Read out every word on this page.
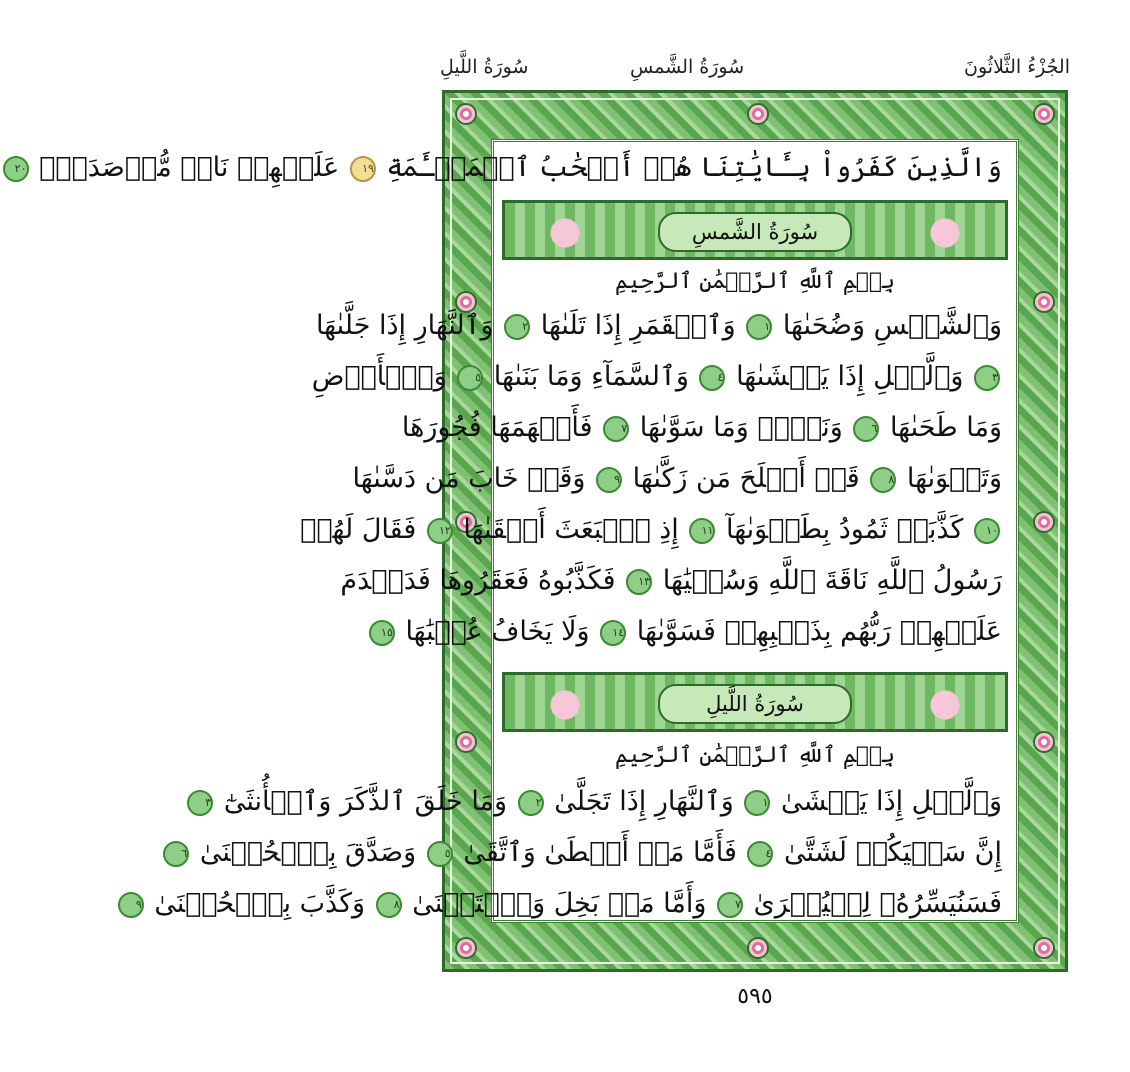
الجُزْءُ الثَّلاثُونَ
سُورَةُ الشَّمسِ
سُورَةُ اللَّيلِ
وَالَّذِينَ كَفَرُواْ بِـَٔايَٰتِنَا هُمۡ أَصۡحَٰبُ ٱلۡمَشۡـَٔمَةِ ١٩ عَلَيۡهِمۡ نَارٞ مُّؤۡصَدَةُۢ ٢٠
سُورَةُ الشَّمسِ
بِسۡمِ ٱللَّهِ ٱلرَّحۡمَٰنِ ٱلرَّحِيمِ
وَٱلشَّمۡسِ وَضُحَىٰهَا ١ وَٱلۡقَمَرِ إِذَا تَلَىٰهَا ٢ وَٱلنَّهَارِ إِذَا جَلَّىٰهَا
٣ وَٱلَّيۡلِ إِذَا يَغۡشَىٰهَا ٤ وَٱلسَّمَآءِ وَمَا بَنَىٰهَا ٥ وَٱلۡأَرۡضِ
وَمَا طَحَىٰهَا ٦ وَنَفۡسٖ وَمَا سَوَّىٰهَا ٧ فَأَلۡهَمَهَا فُجُورَهَا
وَتَقۡوَىٰهَا ٨ قَدۡ أَفۡلَحَ مَن زَكَّىٰهَا ٩ وَقَدۡ خَابَ مَن دَسَّىٰهَا
١٠ كَذَّبَتۡ ثَمُودُ بِطَغۡوَىٰهَآ ١١ إِذِ ٱنۢبَعَثَ أَشۡقَىٰهَا ١٢ فَقَالَ لَهُمۡ
رَسُولُ ٱللَّهِ نَاقَةَ ٱللَّهِ وَسُقۡيَٰهَا ١٣ فَكَذَّبُوهُ فَعَقَرُوهَا فَدَمۡدَمَ
عَلَيۡهِمۡ رَبُّهُم بِذَنۢبِهِمۡ فَسَوَّىٰهَا ١٤ وَلَا يَخَافُ عُقۡبَٰهَا ١٥
سُورَةُ اللَّيلِ
بِسۡمِ ٱللَّهِ ٱلرَّحۡمَٰنِ ٱلرَّحِيمِ
وَٱلَّيۡلِ إِذَا يَغۡشَىٰ ١ وَٱلنَّهَارِ إِذَا تَجَلَّىٰ ٢ وَمَا خَلَقَ ٱلذَّكَرَ وَٱلۡأُنثَىٰٓ ٣
إِنَّ سَعۡيَكُمۡ لَشَتَّىٰ ٤ فَأَمَّا مَنۡ أَعۡطَىٰ وَٱتَّقَىٰ ٥ وَصَدَّقَ بِٱلۡحُسۡنَىٰ ٦
فَسَنُيَسِّرُهُۥ لِلۡيُسۡرَىٰ ٧ وَأَمَّا مَنۢ بَخِلَ وَٱسۡتَغۡنَىٰ ٨ وَكَذَّبَ بِٱلۡحُسۡنَىٰ ٩
٥٩٥
